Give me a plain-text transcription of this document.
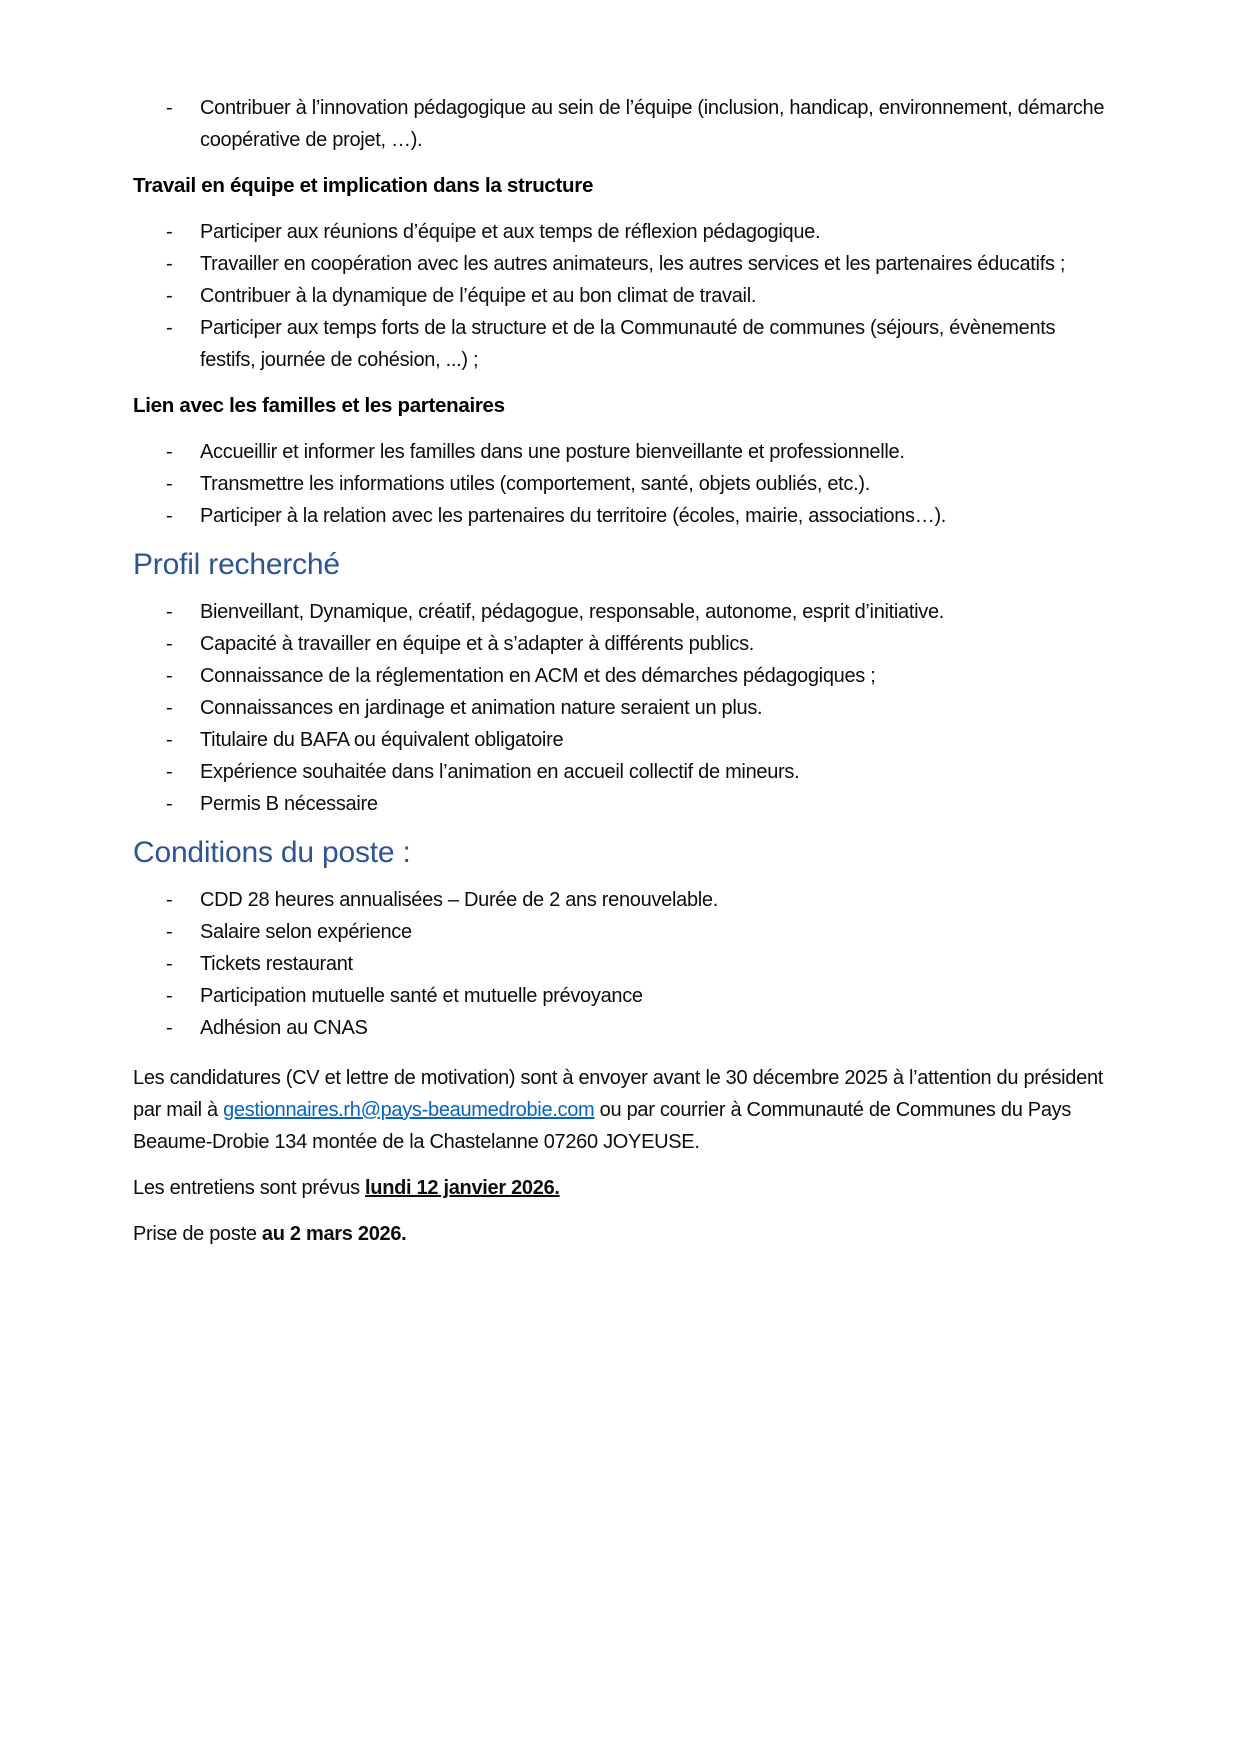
-	Contribuer à l’innovation pédagogique au sein de l’équipe (inclusion, handicap, environnement, démarche coopérative de projet, …).
Travail en équipe et implication dans la structure
-	Participer aux réunions d’équipe et aux temps de réflexion pédagogique.
-	Travailler en coopération avec les autres animateurs, les autres services et les partenaires éducatifs ;
-	Contribuer à la dynamique de l’équipe et au bon climat de travail.
-	Participer aux temps forts de la structure et de la Communauté de communes (séjours, évènements festifs, journée de cohésion, ...) ;
Lien avec les familles et les partenaires
-	Accueillir et informer les familles dans une posture bienveillante et professionnelle.
-	Transmettre les informations utiles (comportement, santé, objets oubliés, etc.).
-	Participer à la relation avec les partenaires du territoire (écoles, mairie, associations…).
Profil recherché
-	Bienveillant, Dynamique, créatif, pédagogue, responsable, autonome, esprit d’initiative.
-	Capacité à travailler en équipe et à s’adapter à différents publics.
-	Connaissance de la réglementation en ACM et des démarches pédagogiques ;
-	Connaissances en jardinage et animation nature seraient un plus.
-	Titulaire du BAFA ou équivalent obligatoire
-	Expérience souhaitée dans l’animation en accueil collectif de mineurs.
-	Permis B nécessaire
Conditions du poste :
-	CDD 28 heures annualisées – Durée de 2 ans renouvelable.
-	Salaire selon expérience
-	Tickets restaurant
-	Participation mutuelle santé et mutuelle prévoyance
-	Adhésion au CNAS

Les candidatures (CV et lettre de motivation) sont à envoyer avant le 30 décembre 2025 à l’attention du président par mail à gestionnaires.rh@pays-beaumedrobie.com ou par courrier à Communauté de Communes du Pays Beaume-Drobie 134 montée de la Chastelanne 07260 JOYEUSE.

Les entretiens sont prévus lundi 12 janvier 2026.

Prise de poste au 2 mars 2026.
